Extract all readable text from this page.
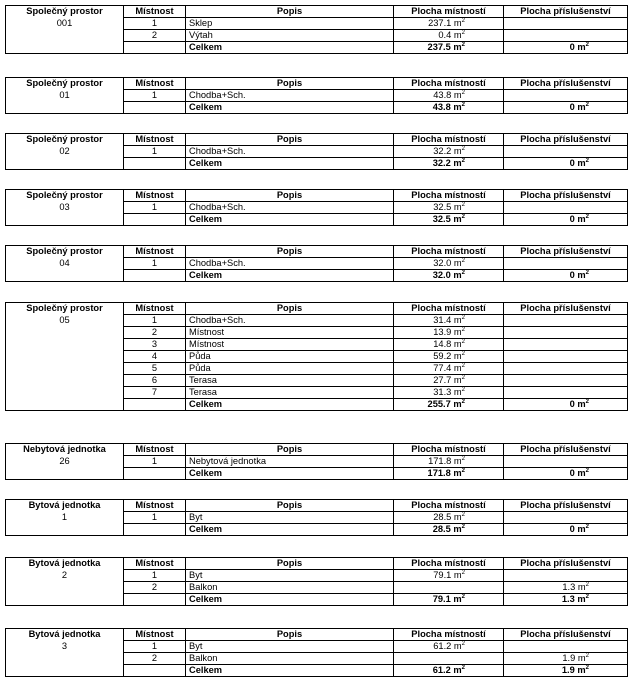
Společný prostor	Místnost	Popis	Plocha místností	Plocha příslušenství
001	1	Sklep	237.1 $m^2$	
	2	Výtah	0.4 $m^2$	
		Celkem	237.5 $m^2$	0 $m^2$
Společný prostor	Místnost	Popis	Plocha místností	Plocha příslušenství
01	1	Chodba+Sch.	43.8 $m^2$	
		Celkem	43.8 $m^2$	0 $m^2$
Společný prostor	Místnost	Popis	Plocha místností	Plocha příslušenství
02	1	Chodba+Sch.	32.2 $m^2$	
		Celkem	32.2 $m^2$	0 $m^2$
Společný prostor	Místnost	Popis	Plocha místností	Plocha příslušenství
03	1	Chodba+Sch.	32.5 $m^2$	
		Celkem	32.5 $m^2$	0 $m^2$
Společný prostor	Místnost	Popis	Plocha místností	Plocha příslušenství
04	1	Chodba+Sch.	32.0 $m^2$	
		Celkem	32.0 $m^2$	0 $m^2$
Společný prostor	Místnost	Popis	Plocha místností	Plocha příslušenství
05	1	Chodba+Sch.	31.4 $m^2$	
	2	Místnost	13.9 $m^2$	
	3	Místnost	14.8 $m^2$	
	4	Půda	59.2 $m^2$	
	5	Půda	77.4 $m^2$	
	6	Terasa	27.7 $m^2$	
	7	Terasa	31.3 $m^2$	
		Celkem	255.7 $m^2$	0 $m^2$
Nebytová jednotka	Místnost	Popis	Plocha místností	Plocha příslušenství
26	1	Nebytová jednotka	171.8 $m^2$	
		Celkem	171.8 $m^2$	0 $m^2$
Bytová jednotka	Místnost	Popis	Plocha místností	Plocha příslušenství
1	1	Byt	28.5 $m^2$	
		Celkem	28.5 $m^2$	0 $m^2$
Bytová jednotka	Místnost	Popis	Plocha místností	Plocha příslušenství
2	1	Byt	79.1 $m^2$	
	2	Balkon		1.3 $m^2$
		Celkem	79.1 $m^2$	1.3 $m^2$
Bytová jednotka	Místnost	Popis	Plocha místností	Plocha příslušenství
3	1	Byt	61.2 $m^2$	
	2	Balkon		1.9 $m^2$
		Celkem	61.2 $m^2$	1.9 $m^2$
